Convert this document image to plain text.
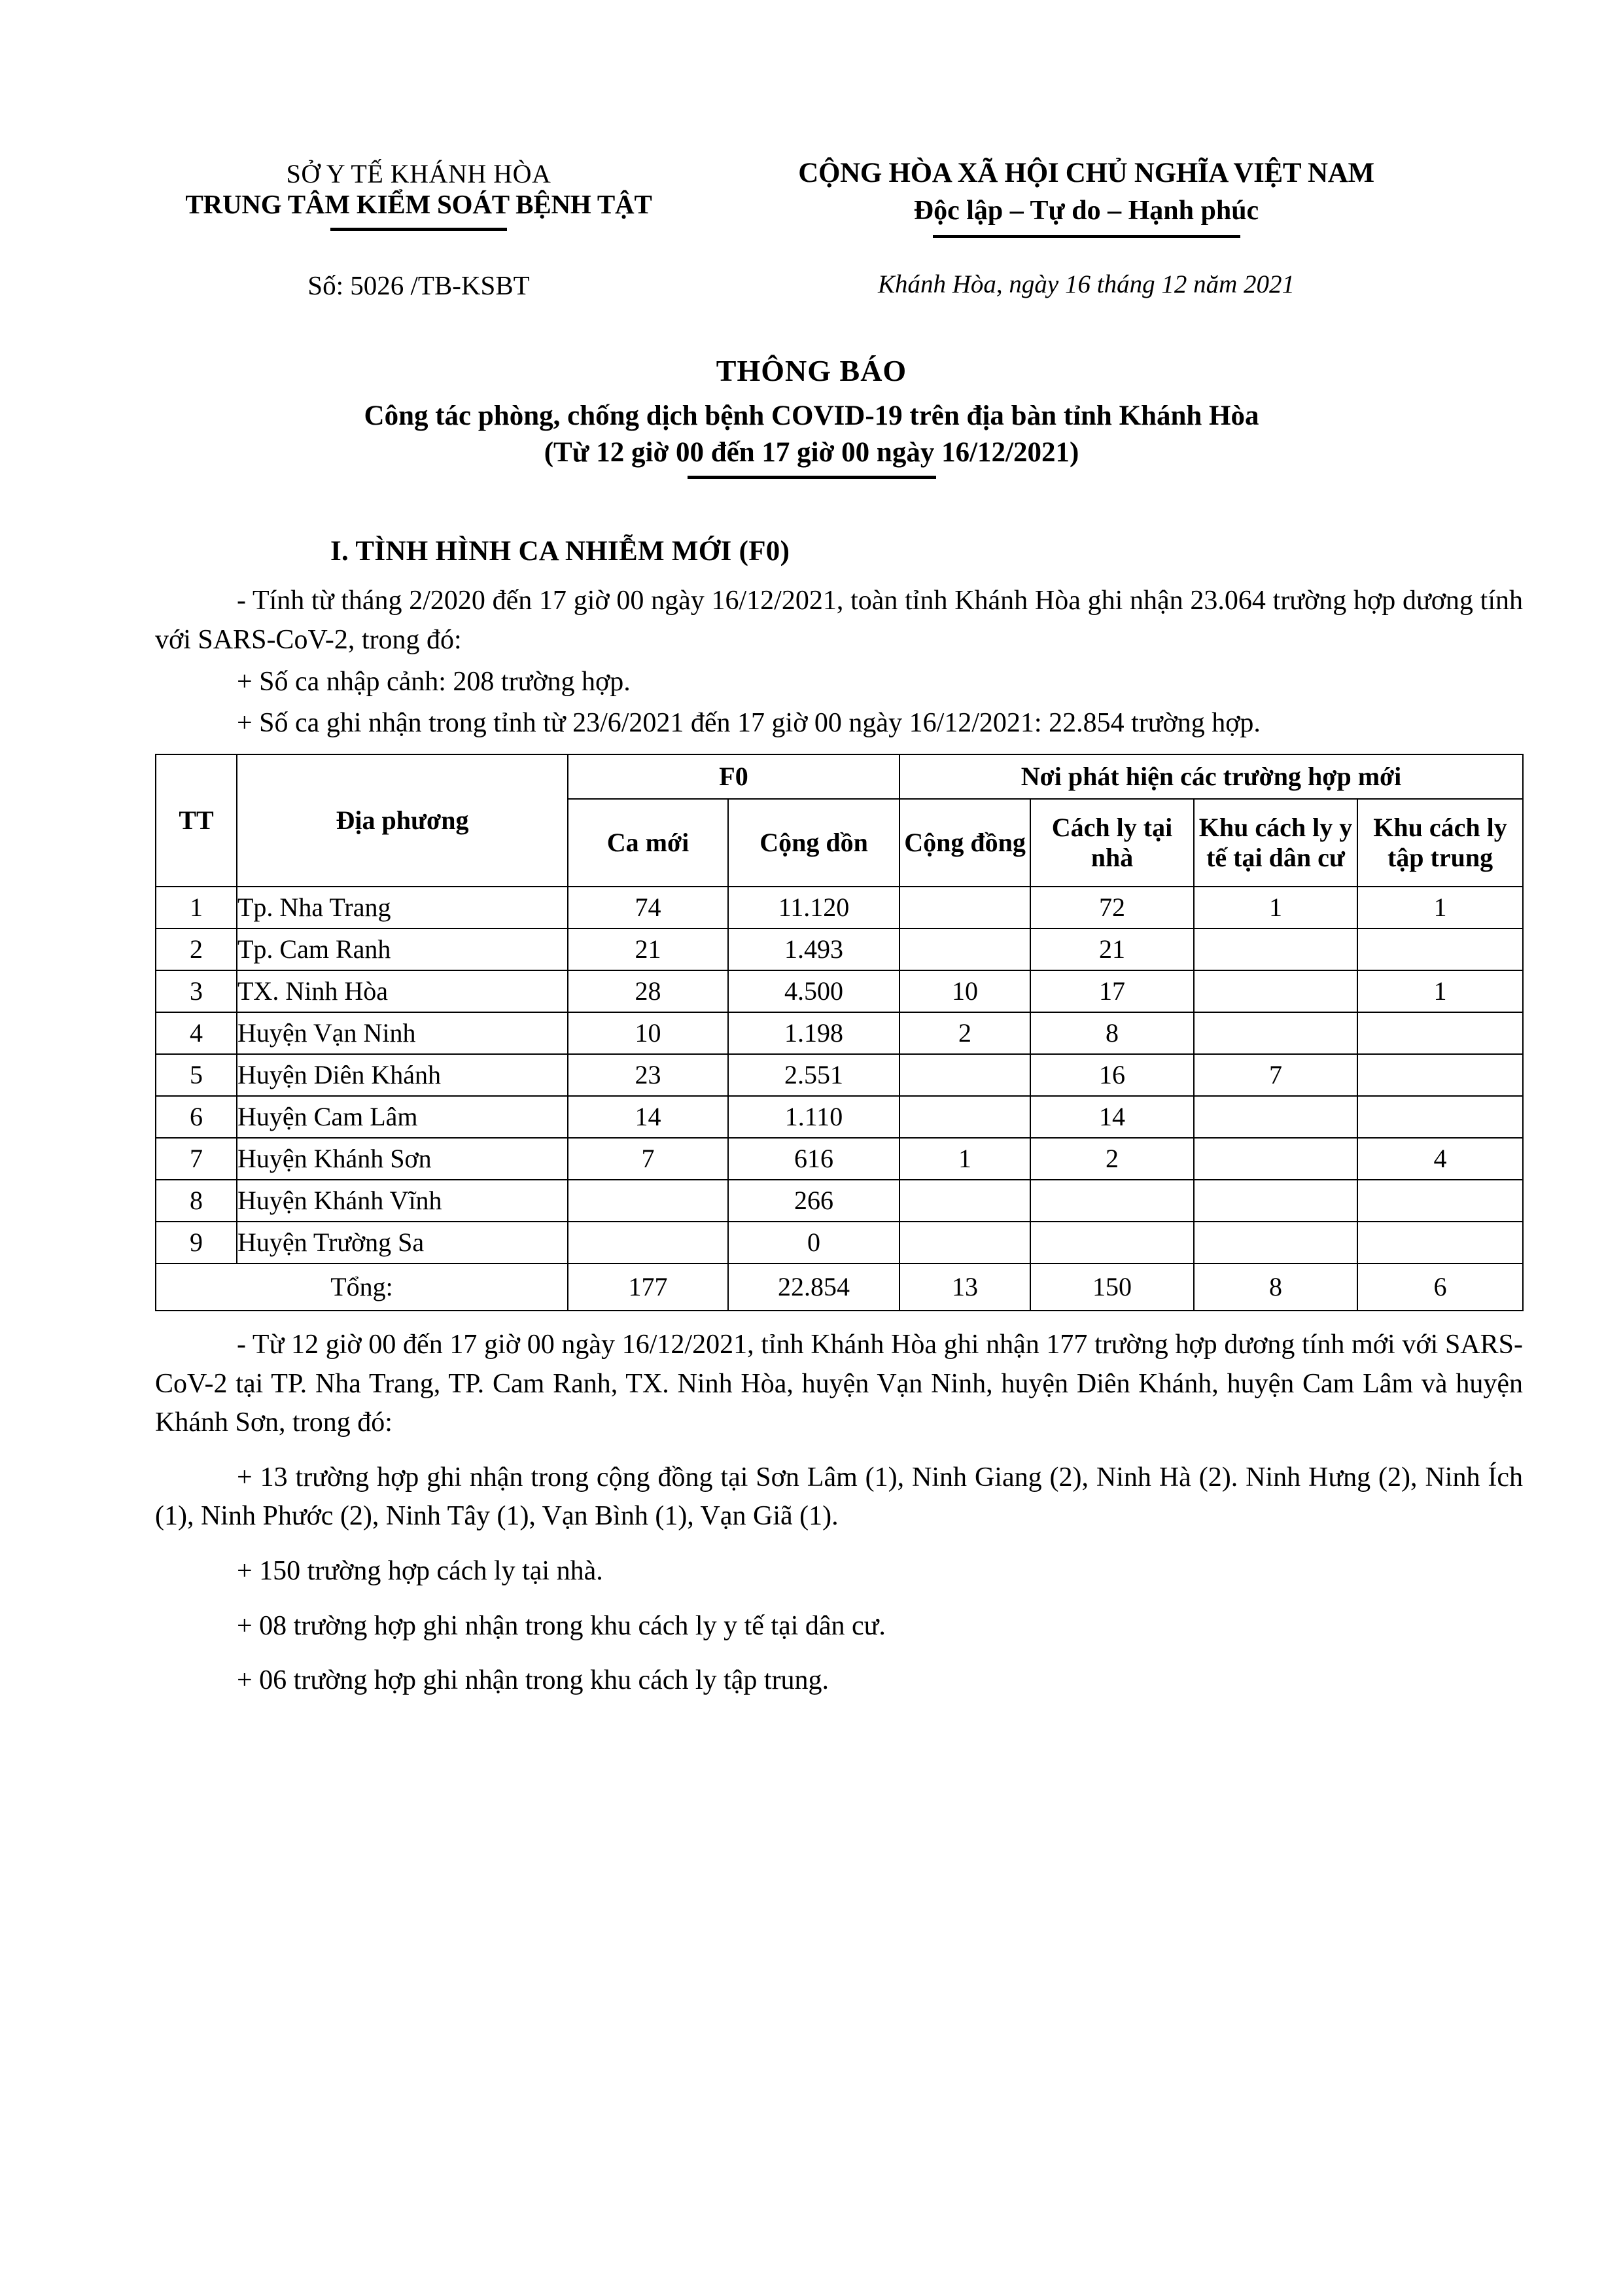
SỞ Y TẾ KHÁNH HÒA
TRUNG TÂM KIỂM SOÁT BỆNH TẬT
CỘNG HÒA XÃ HỘI CHỦ NGHĨA VIỆT NAM
Độc lập – Tự do – Hạnh phúc
Số: 5026 /TB-KSBT	Khánh Hòa, ngày 16 tháng 12 năm 2021
THÔNG BÁO
Công tác phòng, chống dịch bệnh COVID-19 trên địa bàn tỉnh Khánh Hòa
(Từ 12 giờ 00 đến 17 giờ 00 ngày 16/12/2021)
I. TÌNH HÌNH CA NHIỄM MỚI (F0)

- Tính từ tháng 2/2020 đến 17 giờ 00 ngày 16/12/2021, toàn tỉnh Khánh Hòa ghi nhận 23.064 trường hợp dương tính với SARS-CoV-2, trong đó:

+ Số ca nhập cảnh: 208 trường hợp.

+ Số ca ghi nhận trong tỉnh từ 23/6/2021 đến 17 giờ 00 ngày 16/12/2021: 22.854 trường hợp.

TT	Địa phương	F0		Nơi phát hiện các trường hợp mới			
		Ca mới	Cộng dồn	Cộng đồng	Cách ly tại nhà	Khu cách ly y tế tại dân cư	Khu cách ly tập trung
1	Tp. Nha Trang	74	11.120		72	1	1
2	Tp. Cam Ranh	21	1.493		21		
3	TX. Ninh Hòa	28	4.500	10	17		1
4	Huyện Vạn Ninh	10	1.198	2	8		
5	Huyện Diên Khánh	23	2.551		16	7	
6	Huyện Cam Lâm	14	1.110		14		
7	Huyện Khánh Sơn	7	616	1	2		4
8	Huyện Khánh Vĩnh		266				
9	Huyện Trường Sa		0				
Tổng:		177	22.854	13	150	8	6

- Từ 12 giờ 00 đến 17 giờ 00 ngày 16/12/2021, tỉnh Khánh Hòa ghi nhận 177 trường hợp dương tính mới với SARS-CoV-2 tại TP. Nha Trang, TP. Cam Ranh, TX. Ninh Hòa, huyện Vạn Ninh, huyện Diên Khánh, huyện Cam Lâm và huyện Khánh Sơn, trong đó:

+ 13 trường hợp ghi nhận trong cộng đồng tại Sơn Lâm (1), Ninh Giang (2), Ninh Hà (2). Ninh Hưng (2), Ninh Ích (1), Ninh Phước (2), Ninh Tây (1), Vạn Bình (1), Vạn Giã (1).

+ 150 trường hợp cách ly tại nhà.

+ 08 trường hợp ghi nhận trong khu cách ly y tế tại dân cư.

+ 06 trường hợp ghi nhận trong khu cách ly tập trung.
